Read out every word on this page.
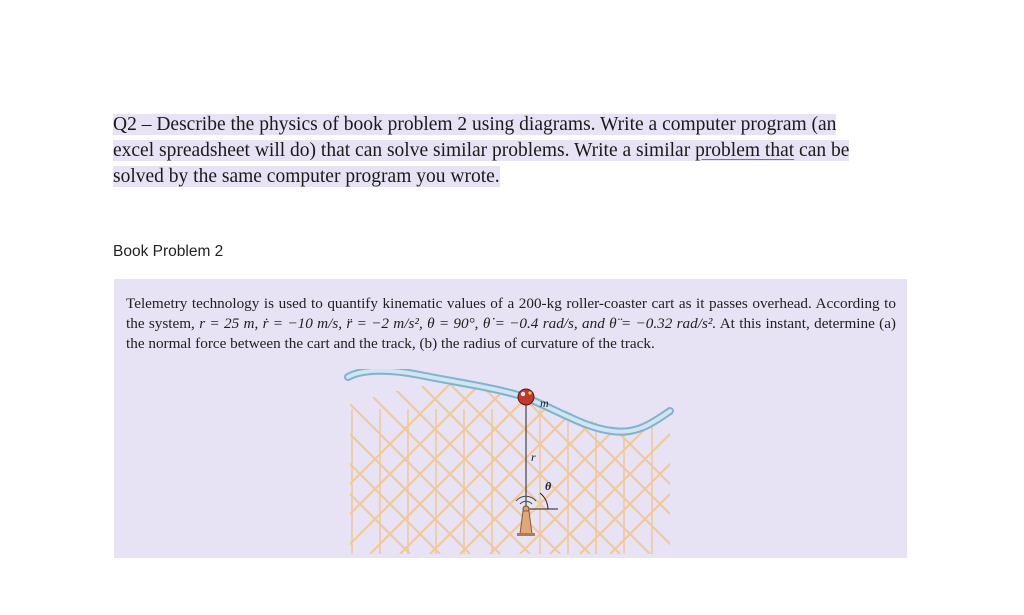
Q2 – Describe the physics of book problem 2 using diagrams. Write a computer program (an
excel spreadsheet will do) that can solve similar problems. Write a similar problem that can be
solved by the same computer program you wrote.
Book Problem 2
Telemetry technology is used to quantify kinematic values of a 200-kg roller-coaster cart as it passes overhead. According to the system, r = 25 m, ṙ = −10 m/s, r̈ = −2 m/s², θ = 90°, θ̇ = −0.4 rad/s, and θ̈ = −0.32 rad/s². At this instant, determine (a) the normal force between the cart and the track, (b) the radius of curvature of the track.
m
r
θ
